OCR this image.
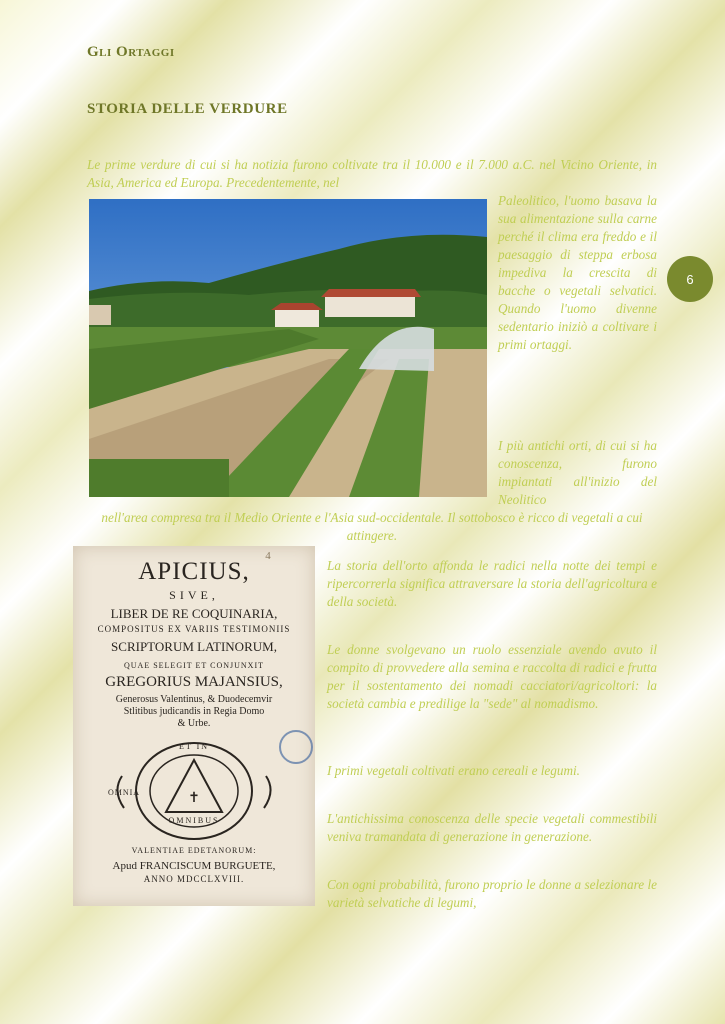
Gli Ortaggi
STORIA DELLE VERDURE
6
Le prime verdure di cui si ha notizia furono coltivate tra il 10.000 e il 7.000 a.C. nel Vicino Oriente, in Asia, America ed Europa. Precedentemente, nel
Paleolitico, l'uomo basava la sua alimentazione sulla carne perché il clima era freddo e il paesaggio di steppa erbosa impediva la crescita di bacche o vegetali selvatici. Quando l'uomo divenne sedentario iniziò a coltivare i primi ortaggi.
I più antichi orti, di cui si ha conoscenza, furono impiantati all'inizio del Neolitico
nell'area compresa tra il Medio Oriente e l'Asia sud-occidentale. Il sottobosco è ricco di vegetali a cui attingere.
4
APICIUS,
SIVE,
LIBER DE RE COQUINARIA,
COMPOSITUS EX VARIIS TESTIMONIIS
SCRIPTORUM LATINORUM,
QUAE SELEGIT ET CONJUNXIT
GREGORIUS MAJANSIUS,
Generosus Valentinus, & Duodecemvir
Stlitibus judicandis in Regia Domo
& Urbe.
✝
ET IN
OMNIA
OMNIBUS
VALENTIAE EDETANORUM:
Apud FRANCISCUM BURGUETE,
ANNO MDCCLXVIII.
La storia dell'orto affonda le radici nella notte dei tempi e ripercorrerla significa attraversare la storia dell'agricoltura e della società.
Le donne svolgevano un ruolo essenziale avendo avuto il compito di provvedere alla semina e raccolta di radici e frutta per il sostentamento dei nomadi cacciatori/agricoltori: la società cambia e predilige la "sede" al nomadismo.
I primi vegetali coltivati erano cereali e legumi.
L'antichissima conoscenza delle specie vegetali commestibili veniva tramandata di generazione in generazione.
Con ogni probabilità, furono proprio le donne a selezionare le varietà selvatiche di legumi,
